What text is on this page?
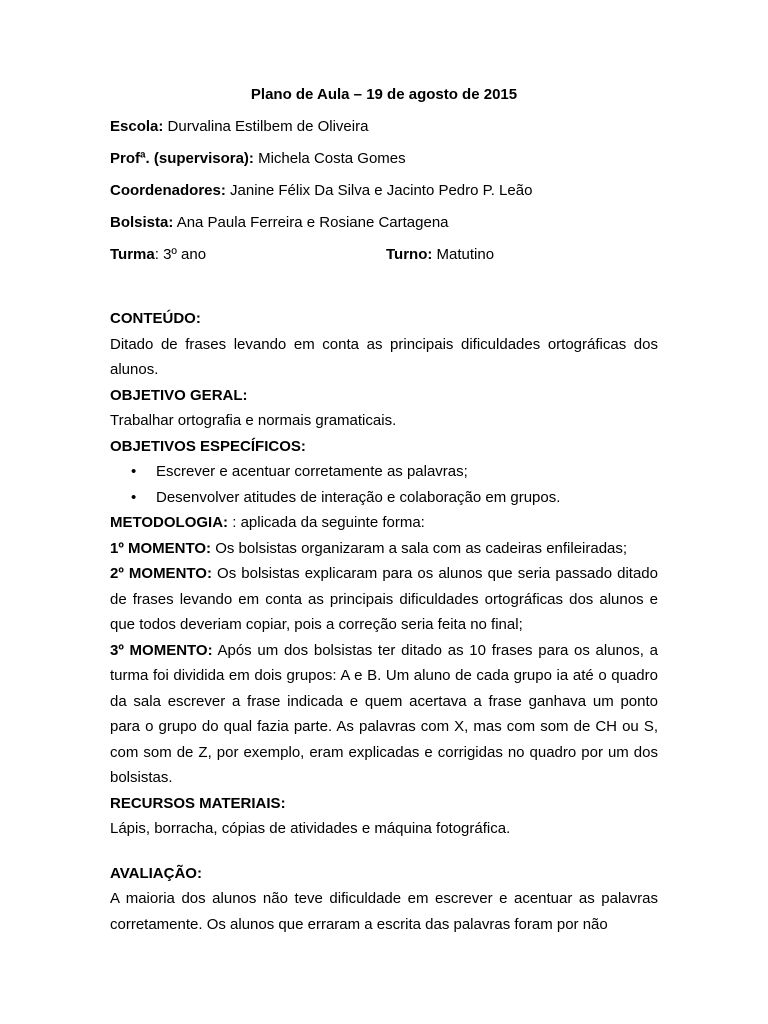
Plano de Aula – 19 de agosto de 2015

Escola: Durvalina Estilbem de Oliveira

Profª. (supervisora): Michela Costa Gomes

Coordenadores: Janine Félix Da Silva e Jacinto Pedro P. Leão

Bolsista: Ana Paula Ferreira e Rosiane Cartagena

Turma: 3º ano	Turno: Matutino

CONTEÚDO:

Ditado de frases levando em conta as principais dificuldades ortográficas dos alunos.

OBJETIVO GERAL:

Trabalhar ortografia e normais gramaticais.

OBJETIVOS ESPECÍFICOS:

• Escrever e acentuar corretamente as palavras;
• Desenvolver atitudes de interação e colaboração em grupos.

METODOLOGIA: : aplicada da seguinte forma:

1º MOMENTO: Os bolsistas organizaram a sala com as cadeiras enfileiradas;

2º MOMENTO: Os bolsistas explicaram para os alunos que seria passado ditado de frases levando em conta as principais dificuldades ortográficas dos alunos e que todos deveriam copiar, pois a correção seria feita no final;

3º MOMENTO: Após um dos bolsistas ter ditado as 10 frases para os alunos, a turma foi dividida em dois grupos: A e B. Um aluno de cada grupo ia até o quadro da sala escrever a frase indicada e quem acertava a frase ganhava um ponto para o grupo do qual fazia parte. As palavras com X, mas com som de CH ou S, com som de Z, por exemplo, eram explicadas e corrigidas no quadro por um dos bolsistas.

RECURSOS MATERIAIS:

Lápis, borracha, cópias de atividades e máquina fotográfica.

AVALIAÇÃO:

A maioria dos alunos não teve dificuldade em escrever e acentuar as palavras corretamente. Os alunos que erraram a escrita das palavras foram por não
